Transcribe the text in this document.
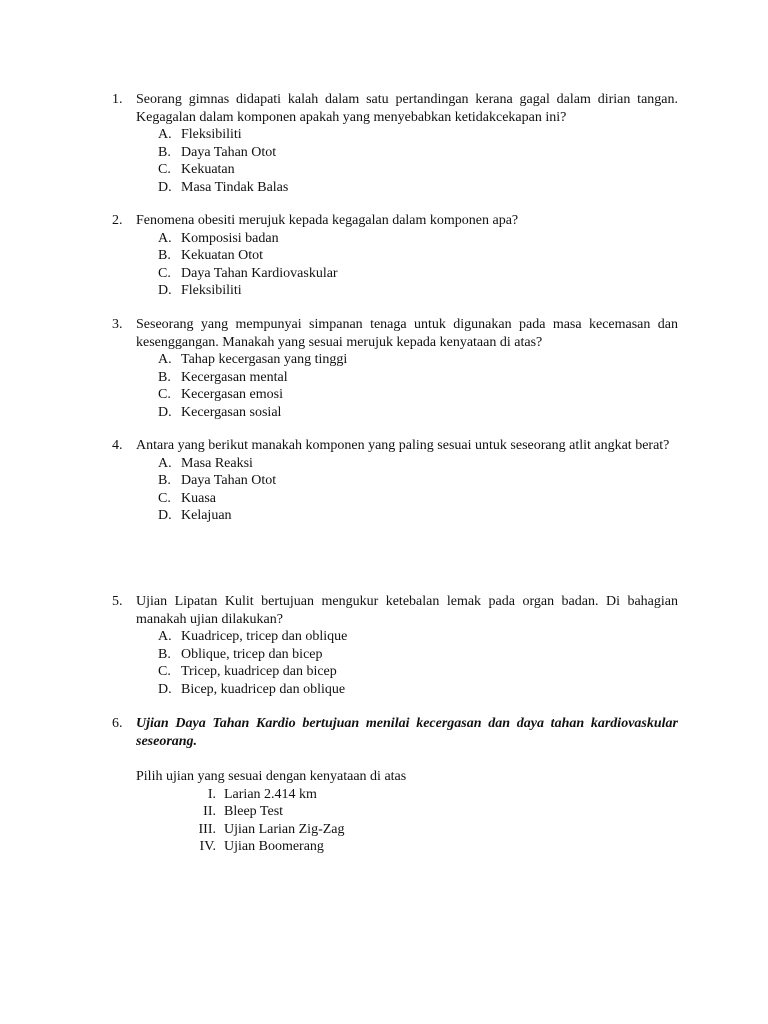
1. Seorang gimnas didapati kalah dalam satu pertandingan kerana gagal dalam dirian tangan. Kegagalan dalam komponen apakah yang menyebabkan ketidakcekapan ini?
A. Fleksibiliti
B. Daya Tahan Otot
C. Kekuatan
D. Masa Tindak Balas
2. Fenomena obesiti merujuk kepada kegagalan dalam komponen apa?
A. Komposisi badan
B. Kekuatan Otot
C. Daya Tahan Kardiovaskular
D. Fleksibiliti
3. Seseorang yang mempunyai simpanan tenaga untuk digunakan pada masa kecemasan dan kesenggangan. Manakah yang sesuai merujuk kepada kenyataan di atas?
A. Tahap kecergasan yang tinggi
B. Kecergasan mental
C. Kecergasan emosi
D. Kecergasan sosial
4. Antara yang berikut manakah komponen yang paling sesuai untuk seseorang atlit angkat berat?
A. Masa Reaksi
B. Daya Tahan Otot
C. Kuasa
D. Kelajuan
5. Ujian Lipatan Kulit bertujuan mengukur ketebalan lemak pada organ badan. Di bahagian manakah ujian dilakukan?
A. Kuadricep, tricep dan oblique
B. Oblique, tricep dan bicep
C. Tricep, kuadricep dan bicep
D. Bicep, kuadricep dan oblique
6. Ujian Daya Tahan Kardio bertujuan menilai kecergasan dan daya tahan kardiovaskular seseorang.
Pilih ujian yang sesuai dengan kenyataan di atas
I. Larian 2.414 km
II. Bleep Test
III. Ujian Larian Zig-Zag
IV. Ujian Boomerang
